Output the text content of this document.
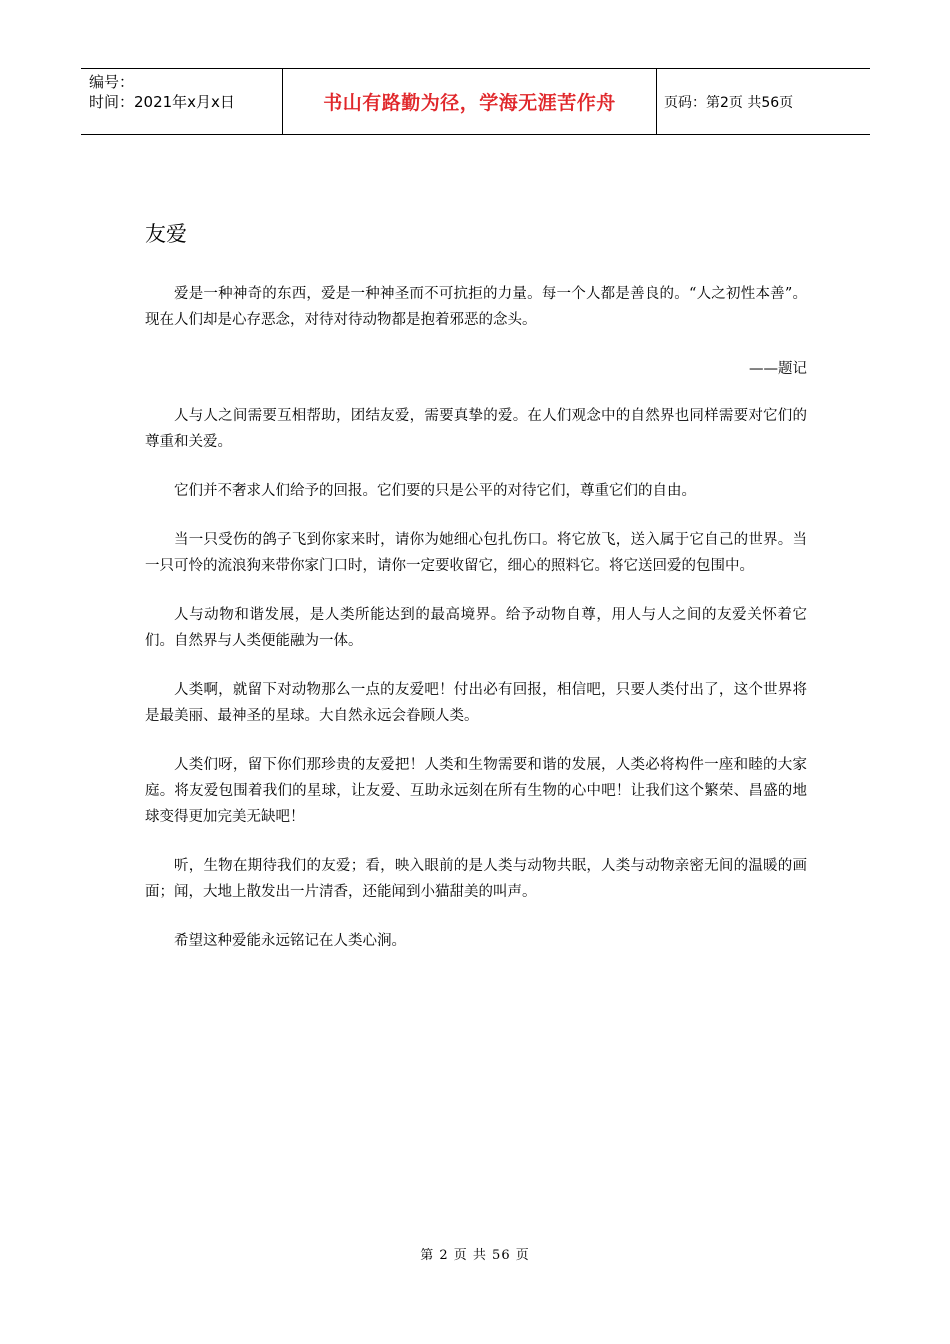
编号：
时间：2021年x月x日	书山有路勤为径，学海无涯苦作舟	页码：第2页 共56页
友爱

爱是一种神奇的东西，爱是一种神圣而不可抗拒的力量。每一个人都是善良的。“人之初性本善”。现在人们却是心存恶念，对待对待动物都是抱着邪恶的念头。

——题记

人与人之间需要互相帮助，团结友爱，需要真挚的爱。在人们观念中的自然界也同样需要对它们的尊重和关爱。

它们并不奢求人们给予的回报。它们要的只是公平的对待它们，尊重它们的自由。

当一只受伤的鸽子飞到你家来时，请你为她细心包扎伤口。将它放飞，送入属于它自己的世界。当一只可怜的流浪狗来带你家门口时，请你一定要收留它，细心的照料它。将它送回爱的包围中。

人与动物和谐发展，是人类所能达到的最高境界。给予动物自尊，用人与人之间的友爱关怀着它们。自然界与人类便能融为一体。

人类啊，就留下对动物那么一点的友爱吧！付出必有回报，相信吧，只要人类付出了，这个世界将是最美丽、最神圣的星球。大自然永远会眷顾人类。

人类们呀，留下你们那珍贵的友爱把！人类和生物需要和谐的发展，人类必将构件一座和睦的大家庭。将友爱包围着我们的星球，让友爱、互助永远刻在所有生物的心中吧！让我们这个繁荣、昌盛的地球变得更加完美无缺吧！

听，生物在期待我们的友爱；看，映入眼前的是人类与动物共眠，人类与动物亲密无间的温暖的画面；闻，大地上散发出一片清香，还能闻到小猫甜美的叫声。

希望这种爱能永远铭记在人类心涧。

第 2 页 共 56 页
